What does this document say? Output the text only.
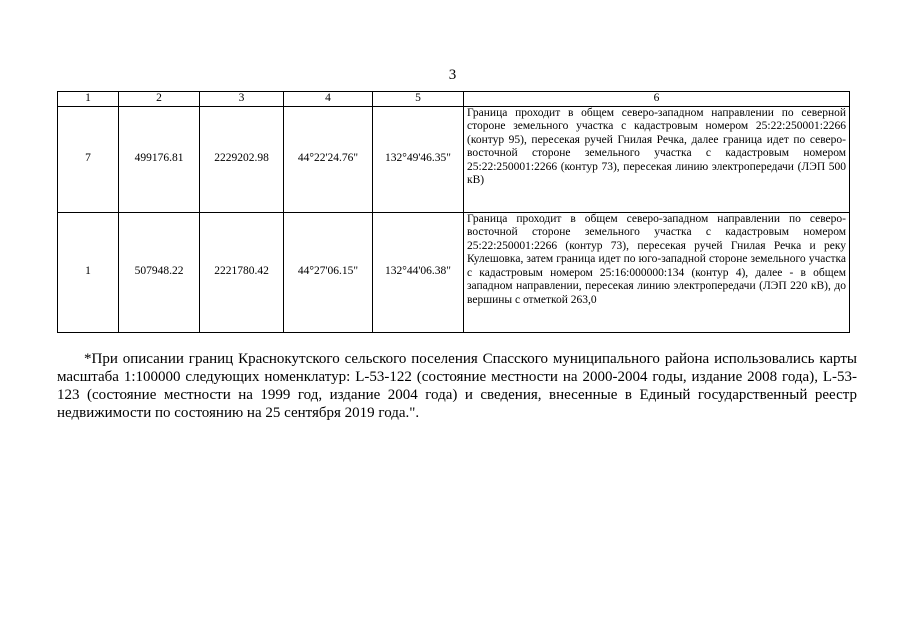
3
1	2	3	4	5	6
7	499176.81	2229202.98	44°22'24.76"	132°49'46.35"	Граница проходит в общем северо-западном направлении по северной стороне земельного участка с кадастровым номером 25:22:250001:2266 (контур 95), пересекая ручей Гнилая Речка, далее граница идет по северо-восточной стороне земельного участка с кадастровым номером 25:22:250001:2266 (контур 73), пересекая линию электропередачи (ЛЭП 500 кВ)
1	507948.22	2221780.42	44°27'06.15"	132°44'06.38"	Граница проходит в общем северо-западном направлении по северо-восточной стороне земельного участка с кадастровым номером 25:22:250001:2266 (контур 73), пересекая ручей Гнилая Речка и реку Кулешовка, затем граница идет по юго-западной стороне земельного участка с кадастровым номером 25:16:000000:134 (контур 4), далее - в общем западном направлении, пересекая линию электропередачи (ЛЭП 220 кВ), до вершины с отметкой 263,0

*При описании границ Краснокутского сельского поселения Спасского муниципального района использовались карты масштаба 1:100000 следующих номенклатур: L-53-122 (состояние местности на 2000-2004 годы, издание 2008 года), L-53-123 (состояние местности на 1999 год, издание 2004 года) и сведения, внесенные в Единый государственный реестр недвижимости по состоянию на 25 сентября 2019 года.".
